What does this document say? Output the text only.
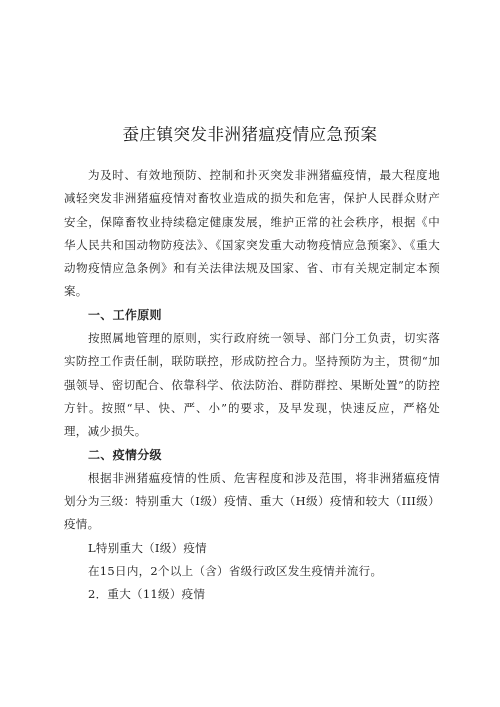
蚕庄镇突发非洲猪瘟疫情应急预案

为及时、有效地预防、控制和扑灭突发非洲猪瘟疫情，最大程度地减轻突发非洲猪瘟疫情对畜牧业造成的损失和危害，保护人民群众财产安全，保障畜牧业持续稳定健康发展，维护正常的社会秩序，根据《中华人民共和国动物防疫法》、《国家突发重大动物疫情应急预案》、《重大动物疫情应急条例》和有关法律法规及国家、省、市有关规定制定本预案。

一、工作原则

按照属地管理的原则，实行政府统一领导、部门分工负责，切实落实防控工作责任制，联防联控，形成防控合力。坚持预防为主，贯彻“加强领导、密切配合、依靠科学、依法防治、群防群控、果断处置”的防控方针。按照“早、快、严、小”的要求，及早发现，快速反应，严格处理，减少损失。

二、疫情分级

根据非洲猪瘟疫情的性质、危害程度和涉及范围，将非洲猪瘟疫情划分为三级：特别重大（Ⅰ级）疫情、重大（H级）疫情和较大（III级）疫情。

L特别重大（Ⅰ级）疫情

在15日内，2个以上（含）省级行政区发生疫情并流行。

2．重大（11级）疫情
